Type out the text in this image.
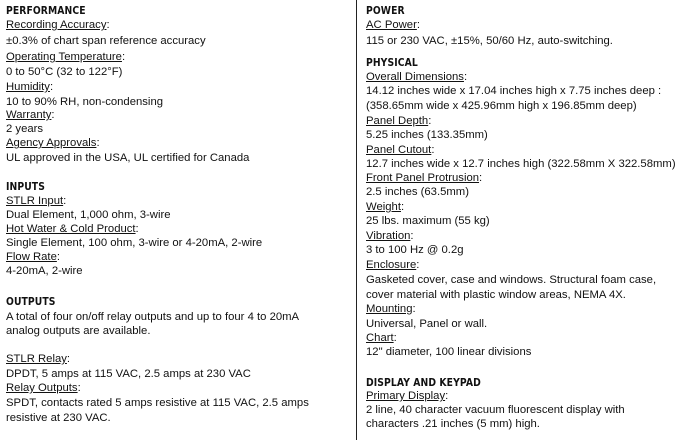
PERFORMANCE
Recording Accuracy:
±0.3% of chart span reference accuracy
Operating Temperature:
0 to 50°C (32 to 122°F)
Humidity:
10 to 90% RH, non-condensing
Warranty:
2 years
Agency Approvals:
UL approved in the USA, UL certified for Canada
INPUTS
STLR Input:
Dual Element, 1,000 ohm, 3-wire
Hot Water & Cold Product:
Single Element, 100 ohm, 3-wire or 4-20mA, 2-wire
Flow Rate:
4-20mA, 2-wire
OUTPUTS
A total of four on/off relay outputs and up to four 4 to 20mA
analog outputs are available.
STLR Relay:
DPDT, 5 amps at 115 VAC, 2.5 amps at 230 VAC
Relay Outputs:
SPDT, contacts rated 5 amps resistive at 115 VAC, 2.5 amps
resistive at 230 VAC.
POWER
AC Power:
115 or 230 VAC, ±15%, 50/60 Hz, auto-switching.
PHYSICAL
Overall Dimensions:
14.12 inches wide x 17.04 inches high x 7.75 inches deep :
(358.65mm wide x 425.96mm high x 196.85mm deep)
Panel Depth:
5.25 inches (133.35mm)
Panel Cutout:
12.7 inches wide x 12.7 inches high (322.58mm X 322.58mm)
Front Panel Protrusion:
2.5 inches (63.5mm)
Weight:
25 lbs. maximum (55 kg)
Vibration:
3 to 100 Hz @ 0.2g
Enclosure:
Gasketed cover, case and windows. Structural foam case,
cover material with plastic window areas, NEMA 4X.
Mounting:
Universal, Panel or wall.
Chart:
12" diameter, 100 linear divisions
DISPLAY AND KEYPAD
Primary Display:
2 line, 40 character vacuum fluorescent display with
characters .21 inches (5 mm) high.
